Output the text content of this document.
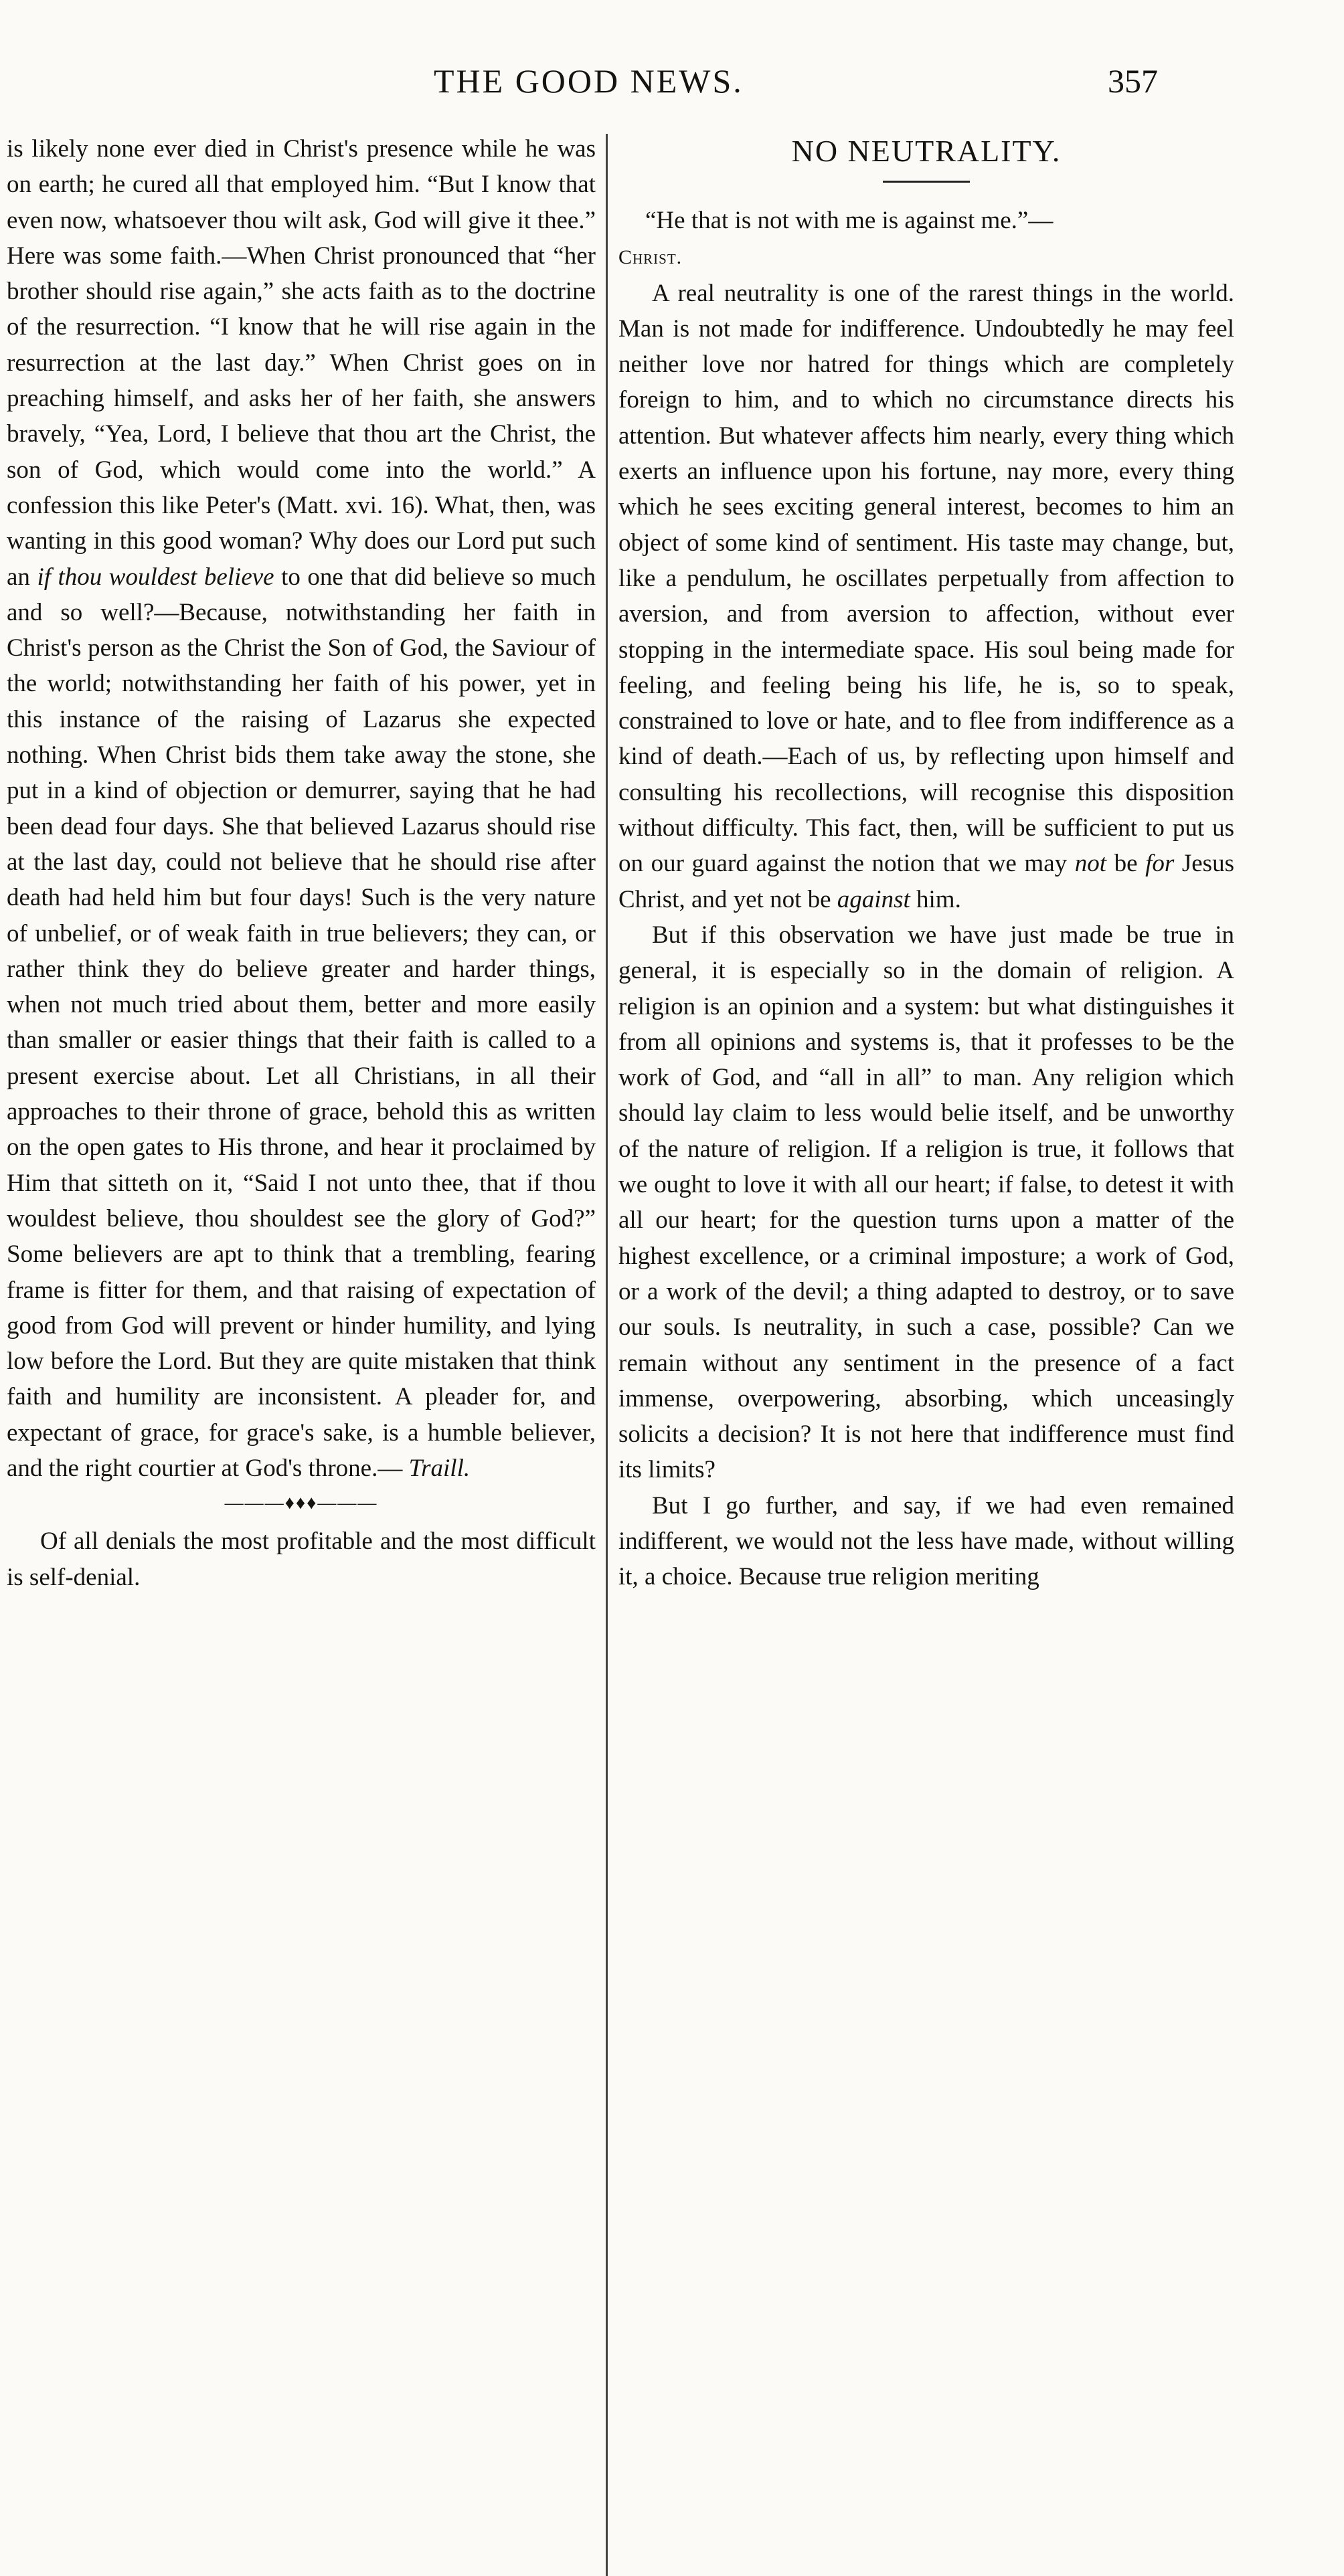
THE GOOD NEWS.	357

is likely none ever died in Christ's presence while he was on earth; he cured all that employed him. “But I know that even now, whatsoever thou wilt ask, God will give it thee.” Here was some faith.—When Christ pronounced that “her brother should rise again,” she acts faith as to the doctrine of the resurrection. “I know that he will rise again in the resurrection at the last day.” When Christ goes on in preaching himself, and asks her of her faith, she answers bravely, “Yea, Lord, I believe that thou art the Christ, the son of God, which would come into the world.” A confession this like Peter's (Matt. xvi. 16). What, then, was wanting in this good woman? Why does our Lord put such an if thou wouldest believe to one that did believe so much and so well?—Because, notwithstanding her faith in Christ's person as the Christ the Son of God, the Saviour of the world; notwithstanding her faith of his power, yet in this instance of the raising of Lazarus she expected nothing. When Christ bids them take away the stone, she put in a kind of objection or demurrer, saying that he had been dead four days. She that believed Lazarus should rise at the last day, could not believe that he should rise after death had held him but four days! Such is the very nature of unbelief, or of weak faith in true believers; they can, or rather think they do believe greater and harder things, when not much tried about them, better and more easily than smaller or easier things that their faith is called to a present exercise about. Let all Christians, in all their approaches to their throne of grace, behold this as written on the open gates to His throne, and hear it proclaimed by Him that sitteth on it, “Said I not unto thee, that if thou wouldest believe, thou shouldest see the glory of God?” Some believers are apt to think that a trembling, fearing frame is fitter for them, and that raising of expectation of good from God will prevent or hinder humility, and lying low before the Lord. But they are quite mistaken that think faith and humility are inconsistent. A pleader for, and expectant of grace, for grace's sake, is a humble believer, and the right courtier at God's throne.— Traill.

———♦♦♦———

Of all denials the most profitable and the most difficult is self-denial.

NO NEUTRALITY.

“He that is not with me is against me.”—
Christ.

A real neutrality is one of the rarest things in the world. Man is not made for indifference. Undoubtedly he may feel neither love nor hatred for things which are completely foreign to him, and to which no circumstance directs his attention. But whatever affects him nearly, every thing which exerts an influence upon his fortune, nay more, every thing which he sees exciting general interest, becomes to him an object of some kind of sentiment. His taste may change, but, like a pendulum, he oscillates perpetually from affection to aversion, and from aversion to affection, without ever stopping in the intermediate space. His soul being made for feeling, and feeling being his life, he is, so to speak, constrained to love or hate, and to flee from indifference as a kind of death.—Each of us, by reflecting upon himself and consulting his recollections, will recognise this disposition without difficulty. This fact, then, will be sufficient to put us on our guard against the notion that we may not be for Jesus Christ, and yet not be against him.

But if this observation we have just made be true in general, it is especially so in the domain of religion. A religion is an opinion and a system: but what distinguishes it from all opinions and systems is, that it professes to be the work of God, and “all in all” to man. Any religion which should lay claim to less would belie itself, and be unworthy of the nature of religion. If a religion is true, it follows that we ought to love it with all our heart; if false, to detest it with all our heart; for the question turns upon a matter of the highest excellence, or a criminal imposture; a work of God, or a work of the devil; a thing adapted to destroy, or to save our souls. Is neutrality, in such a case, possible? Can we remain without any sentiment in the presence of a fact immense, overpowering, absorbing, which unceasingly solicits a decision? It is not here that indifference must find its limits?

But I go further, and say, if we had even remained indifferent, we would not the less have made, without willing it, a choice. Because true religion meriting
